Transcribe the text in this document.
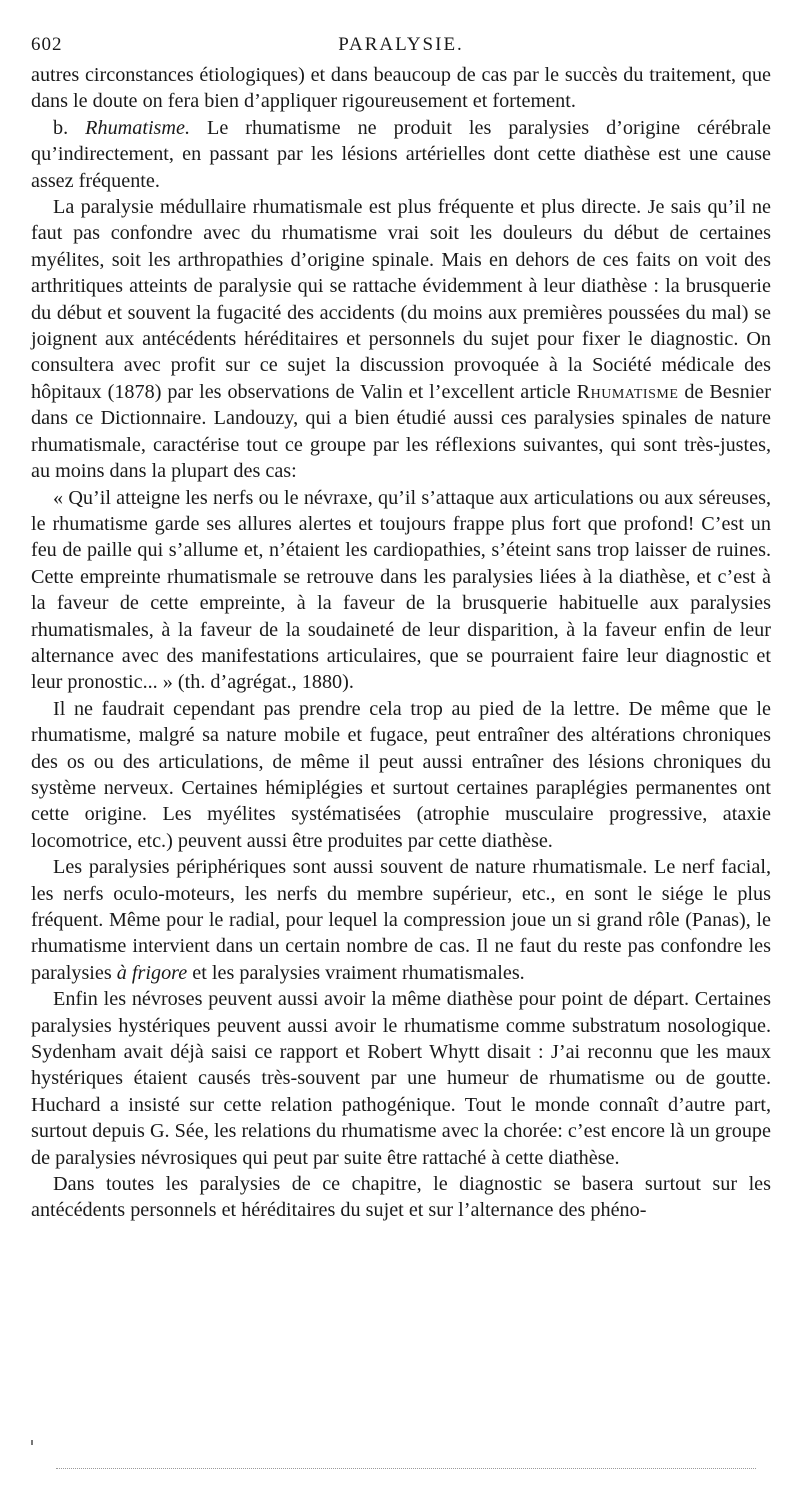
602	PARALYSIE.

autres circonstances étiologiques) et dans beaucoup de cas par le succès du traitement, que dans le doute on fera bien d’appliquer rigoureusement et fortement.

b. Rhumatisme. Le rhumatisme ne produit les paralysies d’origine cérébrale qu’indirectement, en passant par les lésions artérielles dont cette diathèse est une cause assez fréquente.

La paralysie médullaire rhumatismale est plus fréquente et plus directe. Je sais qu’il ne faut pas confondre avec du rhumatisme vrai soit les douleurs du début de certaines myélites, soit les arthropathies d’origine spinale. Mais en dehors de ces faits on voit des arthritiques atteints de paralysie qui se rattache évidemment à leur diathèse : la brusquerie du début et souvent la fugacité des accidents (du moins aux premières poussées du mal) se joignent aux antécédents héréditaires et personnels du sujet pour fixer le diagnostic. On consultera avec profit sur ce sujet la discussion provoquée à la Société médicale des hôpitaux (1878) par les observations de Valin et l’excellent article Rhumatisme de Besnier dans ce Dictionnaire. Landouzy, qui a bien étudié aussi ces paralysies spinales de nature rhumatismale, caractérise tout ce groupe par les réflexions suivantes, qui sont très-justes, au moins dans la plupart des cas:

« Qu’il atteigne les nerfs ou le névraxe, qu’il s’attaque aux articulations ou aux séreuses, le rhumatisme garde ses allures alertes et toujours frappe plus fort que profond! C’est un feu de paille qui s’allume et, n’étaient les cardiopathies, s’éteint sans trop laisser de ruines. Cette empreinte rhumatismale se retrouve dans les paralysies liées à la diathèse, et c’est à la faveur de cette empreinte, à la faveur de la brusquerie habituelle aux paralysies rhumatismales, à la faveur de la soudaineté de leur disparition, à la faveur enfin de leur alternance avec des manifestations articulaires, que se pourraient faire leur diagnostic et leur pronostic... » (th. d’agrégat., 1880).

Il ne faudrait cependant pas prendre cela trop au pied de la lettre. De même que le rhumatisme, malgré sa nature mobile et fugace, peut entraîner des altérations chroniques des os ou des articulations, de même il peut aussi entraîner des lésions chroniques du système nerveux. Certaines hémiplégies et surtout certaines paraplégies permanentes ont cette origine. Les myélites systématisées (atrophie musculaire progressive, ataxie locomotrice, etc.) peuvent aussi être produites par cette diathèse.

Les paralysies périphériques sont aussi souvent de nature rhumatismale. Le nerf facial, les nerfs oculo-moteurs, les nerfs du membre supérieur, etc., en sont le siége le plus fréquent. Même pour le radial, pour lequel la compression joue un si grand rôle (Panas), le rhumatisme intervient dans un certain nombre de cas. Il ne faut du reste pas confondre les paralysies à frigore et les paralysies vraiment rhumatismales.

Enfin les névroses peuvent aussi avoir la même diathèse pour point de départ. Certaines paralysies hystériques peuvent aussi avoir le rhumatisme comme substratum nosologique. Sydenham avait déjà saisi ce rapport et Robert Whytt disait : J’ai reconnu que les maux hystériques étaient causés très-souvent par une humeur de rhumatisme ou de goutte. Huchard a insisté sur cette relation pathogénique. Tout le monde connaît d’autre part, surtout depuis G. Sée, les relations du rhumatisme avec la chorée: c’est encore là un groupe de paralysies névrosiques qui peut par suite être rattaché à cette diathèse.

Dans toutes les paralysies de ce chapitre, le diagnostic se basera surtout sur les antécédents personnels et héréditaires du sujet et sur l’alternance des phéno-
